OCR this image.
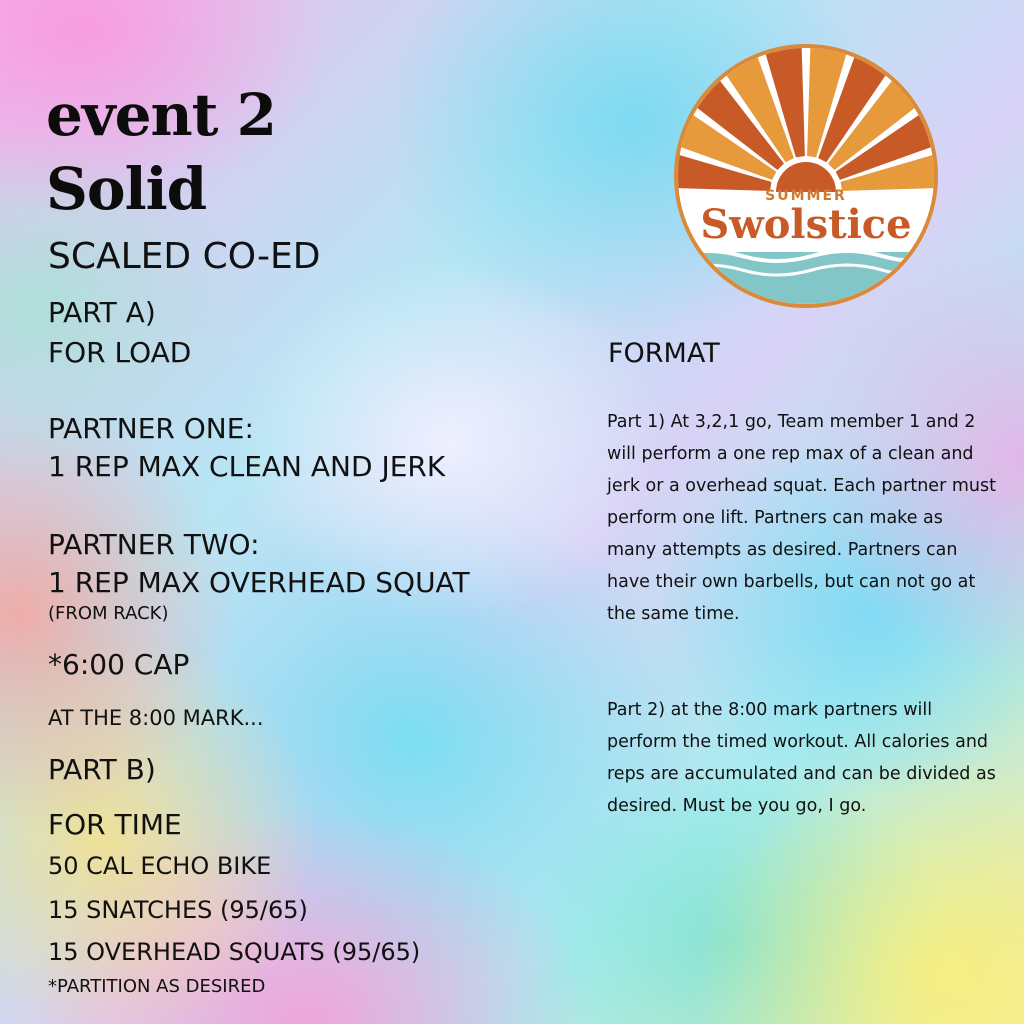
event 2
Solid
SCALED CO-ED
PART A)
FOR LOAD
PARTNER ONE:
1 REP MAX CLEAN AND JERK
PARTNER TWO:
1 REP MAX OVERHEAD SQUAT
(FROM RACK)
*6:00 CAP
AT THE 8:00 MARK...
PART B)
FOR TIME
50 CAL ECHO BIKE
15 SNATCHES (95/65)
15 OVERHEAD SQUATS (95/65)
*PARTITION AS DESIRED
SUMMER
Swolstice
FORMAT
Part 1) At 3,2,1 go, Team member 1 and 2 will perform a one rep max of a clean and jerk or a overhead squat. Each partner must perform one lift. Partners can make as many attempts as desired. Partners can have their own barbells, but can not go at the same time.
Part 2) at the 8:00 mark partners will perform the timed workout. All calories and reps are accumulated and can be divided as desired. Must be you go, I go.
